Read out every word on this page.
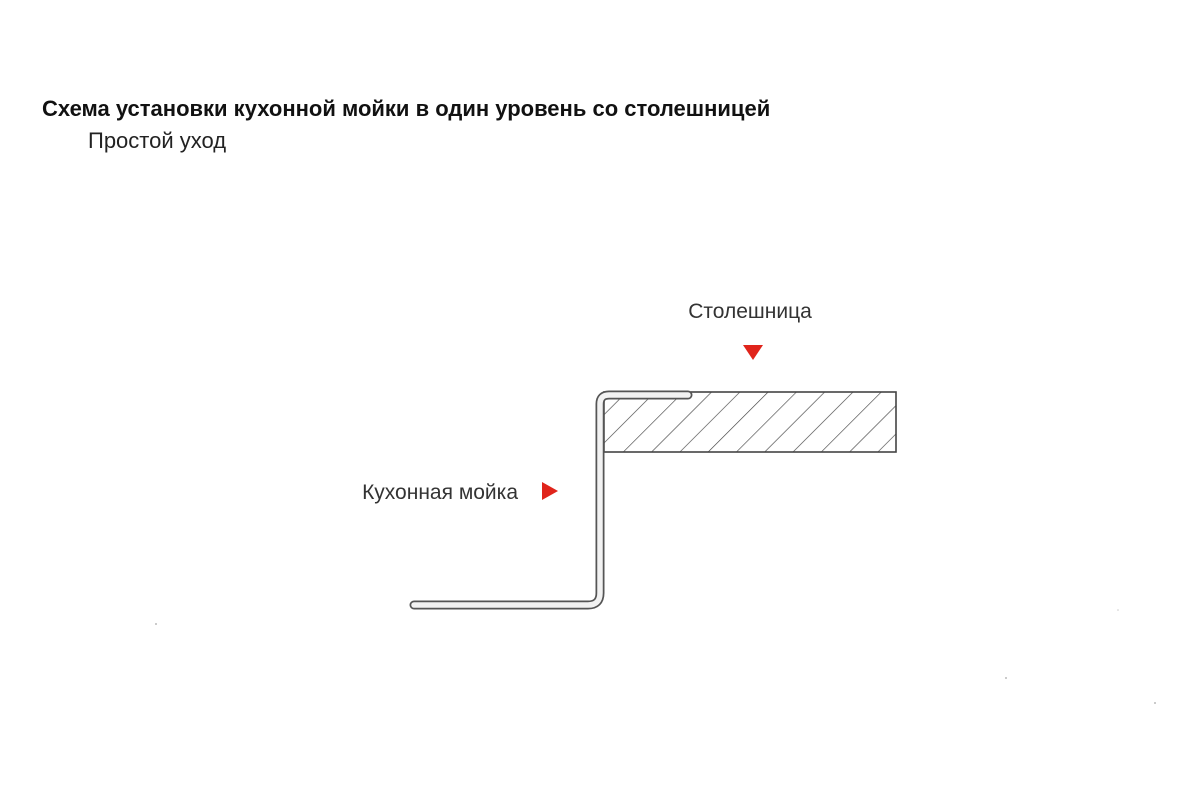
Схема установки кухонной мойки в один уровень со столешницей
Простой уход
Столешница
Кухонная мойка
